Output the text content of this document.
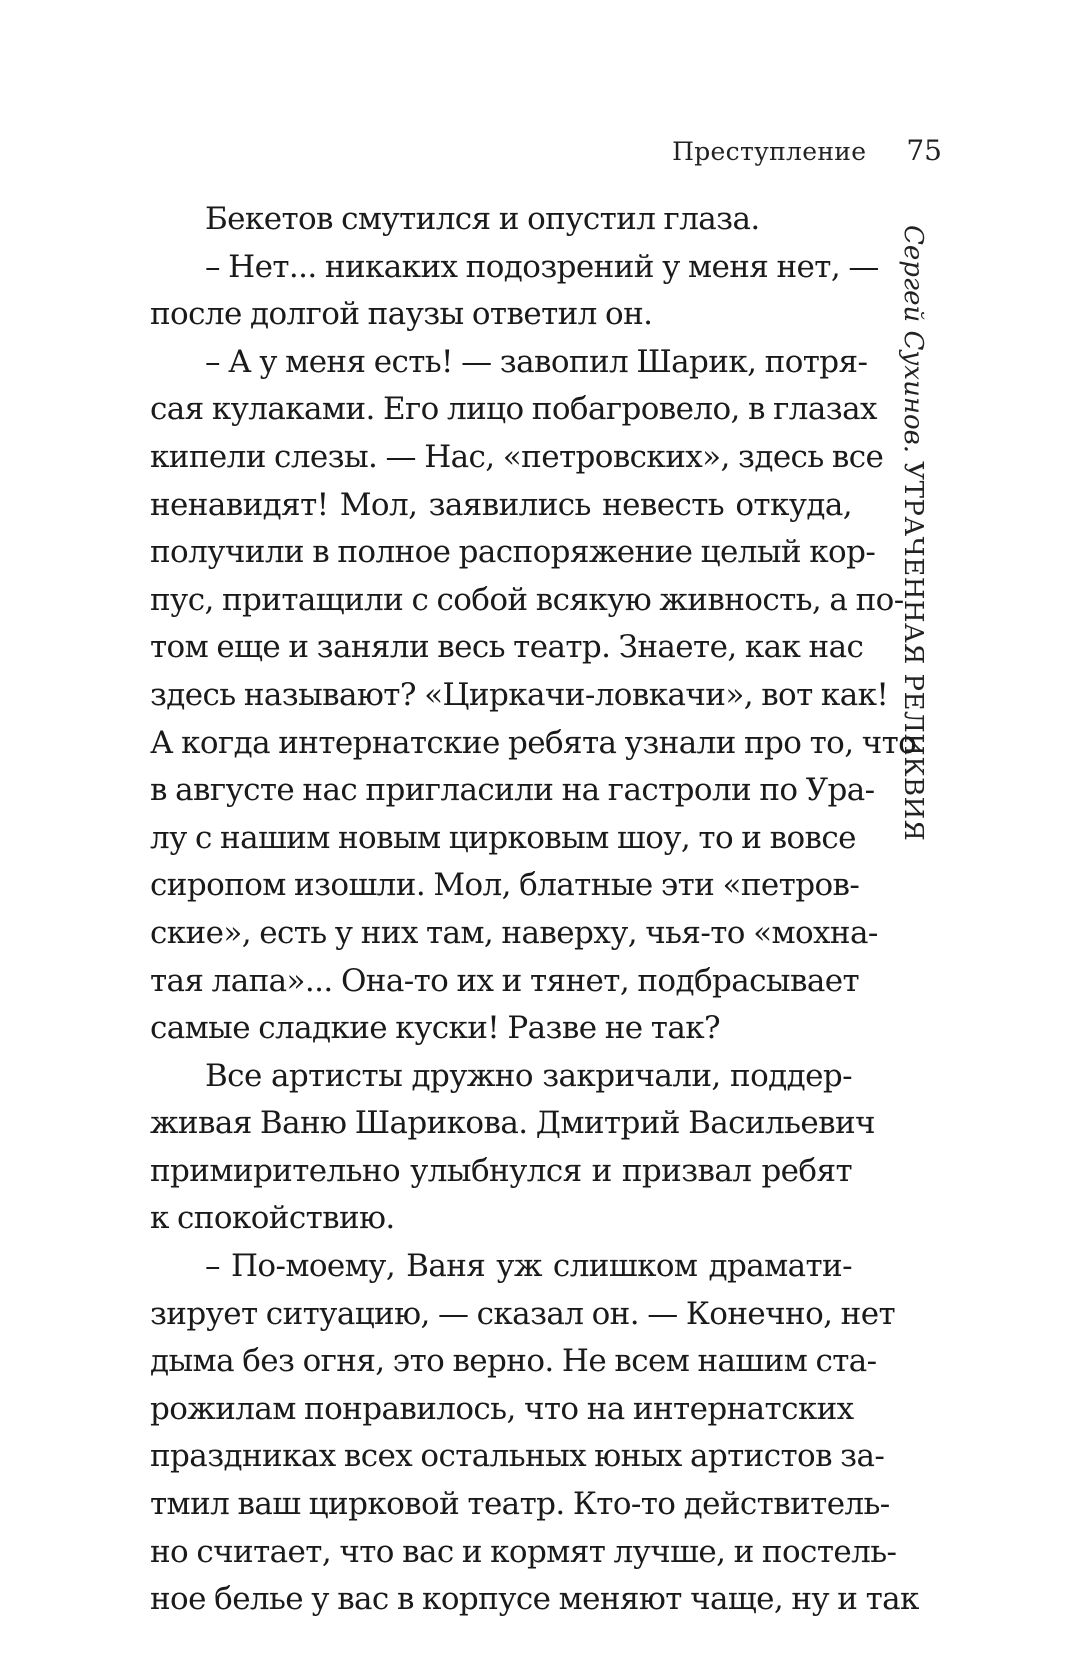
Преступление 75
Сергей Сухинов. УТРАЧЕННАЯ РЕЛИКВИЯ
Бекетов смутился и опустил глаза.
– Нет... никаких подозрений у меня нет, —
после долгой паузы ответил он.
– А у меня есть! — завопил Шарик, потря-
сая кулаками. Его лицо побагровело, в глазах
кипели слезы. — Нас, «петровских», здесь все
ненавидят! Мол, заявились невесть откуда,
получили в полное распоряжение целый кор-
пус, притащили с собой всякую живность, а по-
том еще и заняли весь театр. Знаете, как нас
здесь называют? «Циркачи-ловкачи», вот как!
А когда интернатские ребята узнали про то, что
в августе нас пригласили на гастроли по Ура-
лу с нашим новым цирковым шоу, то и вовсе
сиропом изошли. Мол, блатные эти «петров-
ские», есть у них там, наверху, чья-то «мохна-
тая лапа»... Она-то их и тянет, подбрасывает
самые сладкие куски! Разве не так?
Все артисты дружно закричали, поддер-
живая Ваню Шарикова. Дмитрий Васильевич
примирительно улыбнулся и призвал ребят
к спокойствию.
– По-моему, Ваня уж слишком драмати-
зирует ситуацию, — сказал он. — Конечно, нет
дыма без огня, это верно. Не всем нашим ста-
рожилам понравилось, что на интернатских
праздниках всех остальных юных артистов за-
тмил ваш цирковой театр. Кто-то действитель-
но считает, что вас и кормят лучше, и постель-
ное белье у вас в корпусе меняют чаще, ну и так
